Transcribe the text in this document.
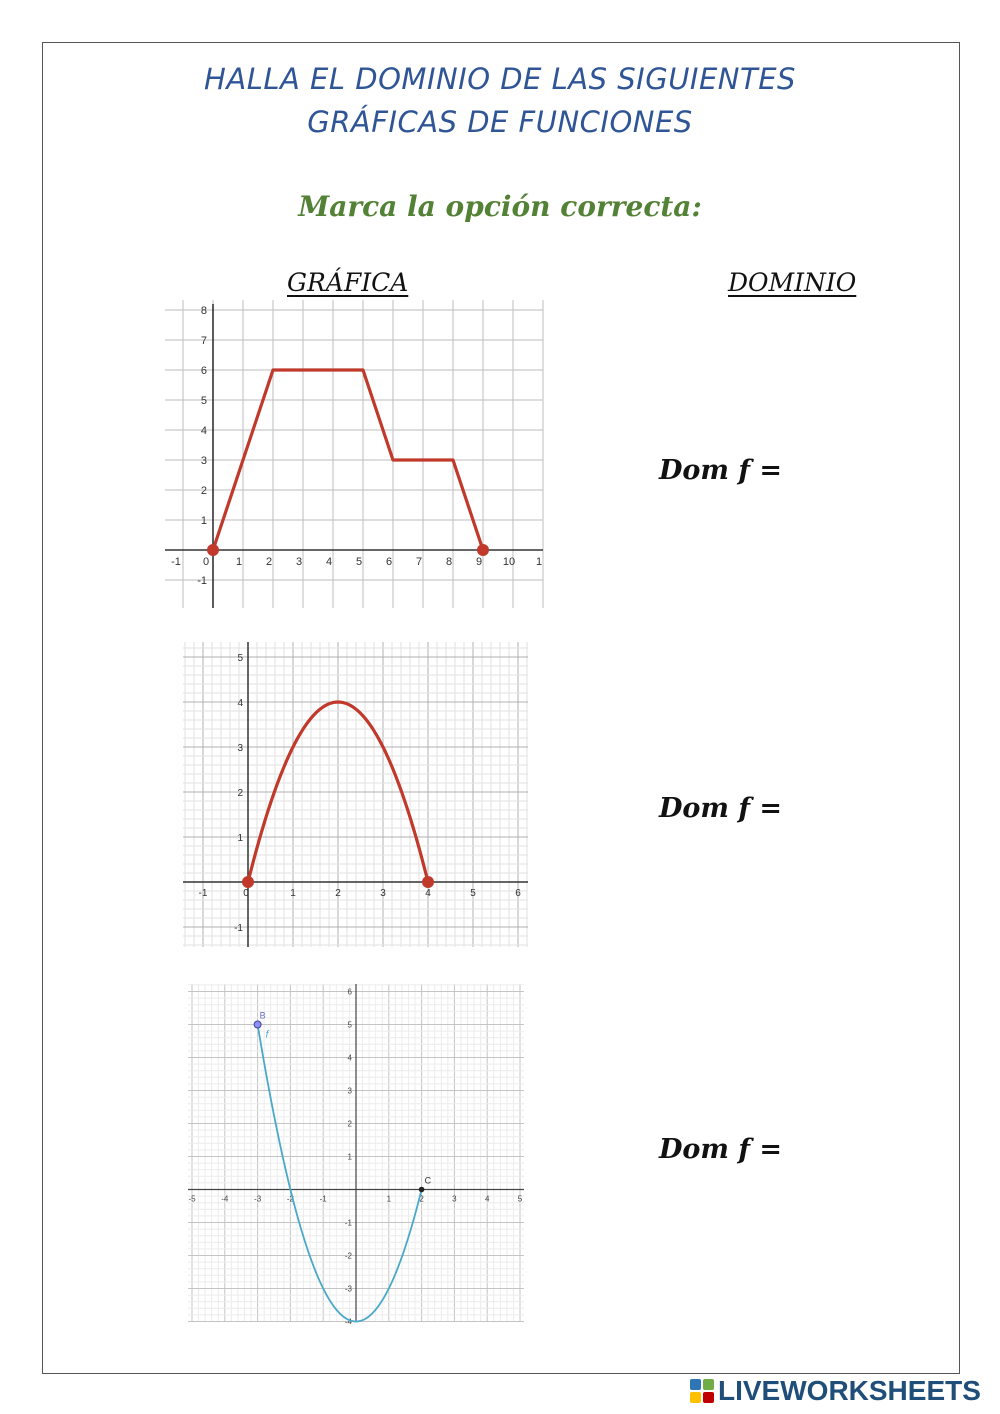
HALLA EL DOMINIO DE LAS SIGUIENTES
GRÁFICAS DE FUNCIONES
Marca la opción correcta:
GRÁFICA	DOMINIO
-1 0 1 2 3 4 5 6 7 8 9 10 1
-1
1
2
3
4
5
6
7
8
-1	0	1	2	3	4	5	6
-1
1
2
3
4
5
-5	-4	-3	-2	-1	1	2	3	4	5
-4
-3
-2
-1
1
2
3
4
5
6
f
B
C
Dom f =
Dom f =
Dom f =
LIVEWORKSHEETS
